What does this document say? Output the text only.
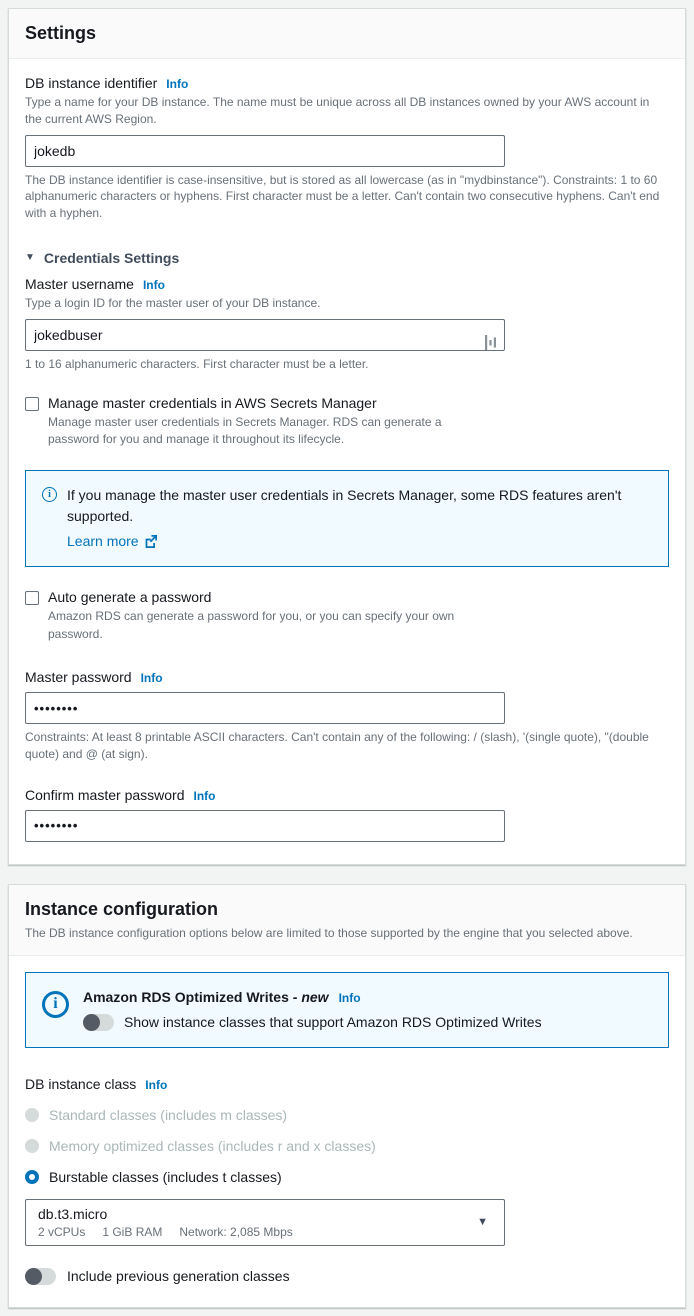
Settings
DB instance identifier Info
Type a name for your DB instance. The name must be unique across all DB instances owned by your AWS account in the current AWS Region.
jokedb
The DB instance identifier is case-insensitive, but is stored as all lowercase (as in "mydbinstance"). Constraints: 1 to 60 alphanumeric characters or hyphens. First character must be a letter. Can't contain two consecutive hyphens. Can't end with a hyphen.
▼ Credentials Settings
Master username Info
Type a login ID for the master user of your DB instance.
jokedbuser
1 to 16 alphanumeric characters. First character must be a letter.
Manage master credentials in AWS Secrets Manager
Manage master user credentials in Secrets Manager. RDS can generate a password for you and manage it throughout its lifecycle.
i	If you manage the master user credentials in Secrets Manager, some RDS features aren't supported.

Learn more
Auto generate a password
Amazon RDS can generate a password for you, or you can specify your own password.
Master password Info
••••••••
Constraints: At least 8 printable ASCII characters. Can't contain any of the following: / (slash), '(single quote), "(double quote) and @ (at sign).
Confirm master password Info
••••••••
Instance configuration
The DB instance configuration options below are limited to those supported by the engine that you selected above.
i	Amazon RDS Optimized Writes - new Info
Show instance classes that support Amazon RDS Optimized Writes
DB instance class Info
Standard classes (includes m classes)
Memory optimized classes (includes r and x classes)
Burstable classes (includes t classes)
db.t3.micro
2 vCPUs 1 GiB RAM Network: 2,085 Mbps
▼
Include previous generation classes
